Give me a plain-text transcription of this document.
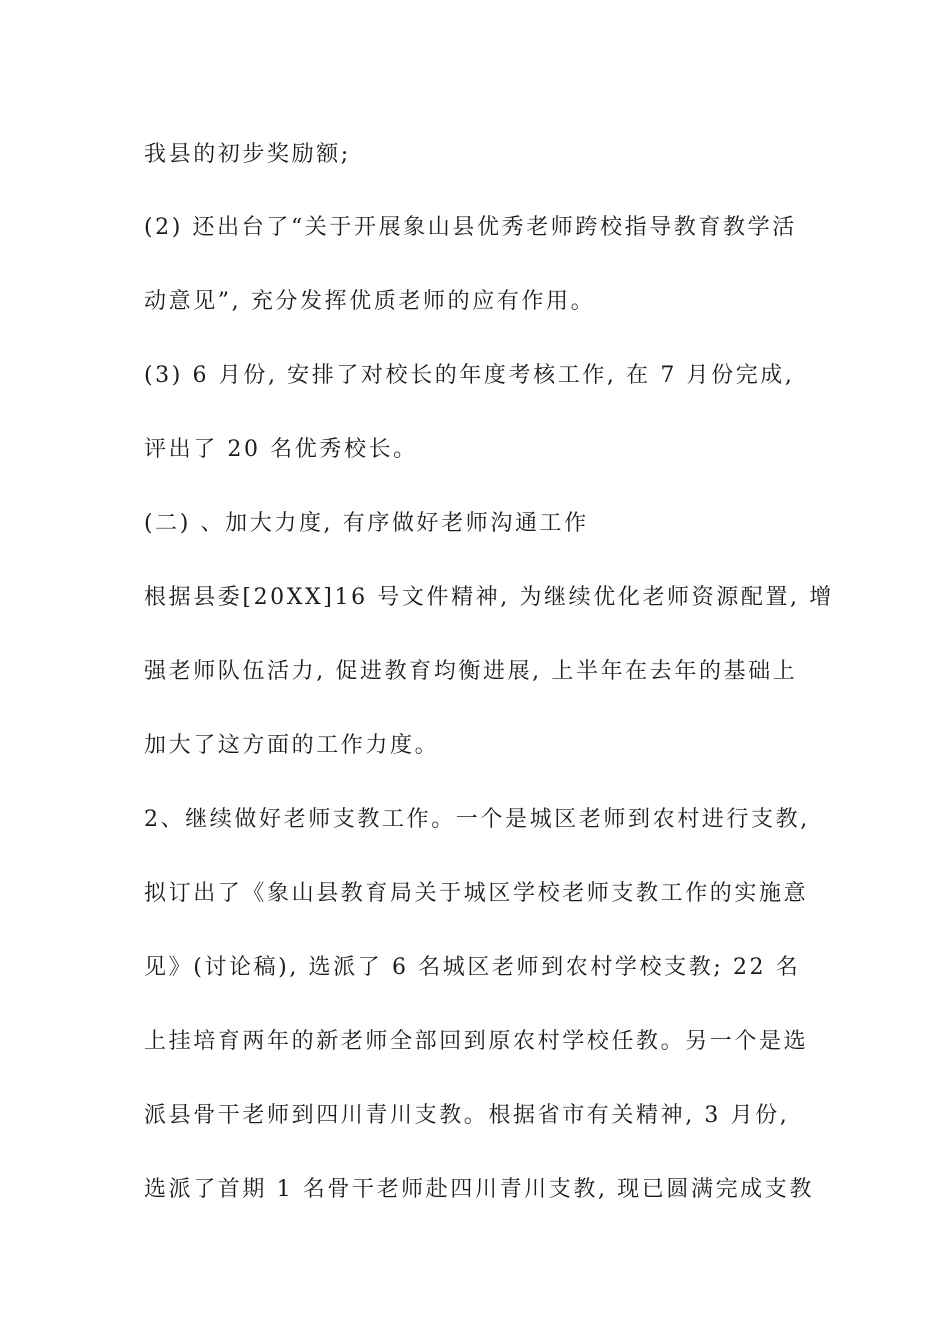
我县的初步奖励额;
(2) 还出台了“关于开展象山县优秀老师跨校指导教育教学活
动意见”, 充分发挥优质老师的应有作用。
(3) 6 月份, 安排了对校长的年度考核工作, 在 7 月份完成,
评出了 20 名优秀校长。
(二) 、加大力度, 有序做好老师沟通工作
根据县委[20XX]16 号文件精神, 为继续优化老师资源配置, 增
强老师队伍活力, 促进教育均衡进展, 上半年在去年的基础上
加大了这方面的工作力度。
2、继续做好老师支教工作。一个是城区老师到农村进行支教,
拟订出了《象山县教育局关于城区学校老师支教工作的实施意
见》(讨论稿), 选派了 6 名城区老师到农村学校支教; 22 名
上挂培育两年的新老师全部回到原农村学校任教。另一个是选
派县骨干老师到四川青川支教。根据省市有关精神, 3 月份,
选派了首期 1 名骨干老师赴四川青川支教, 现已圆满完成支教
